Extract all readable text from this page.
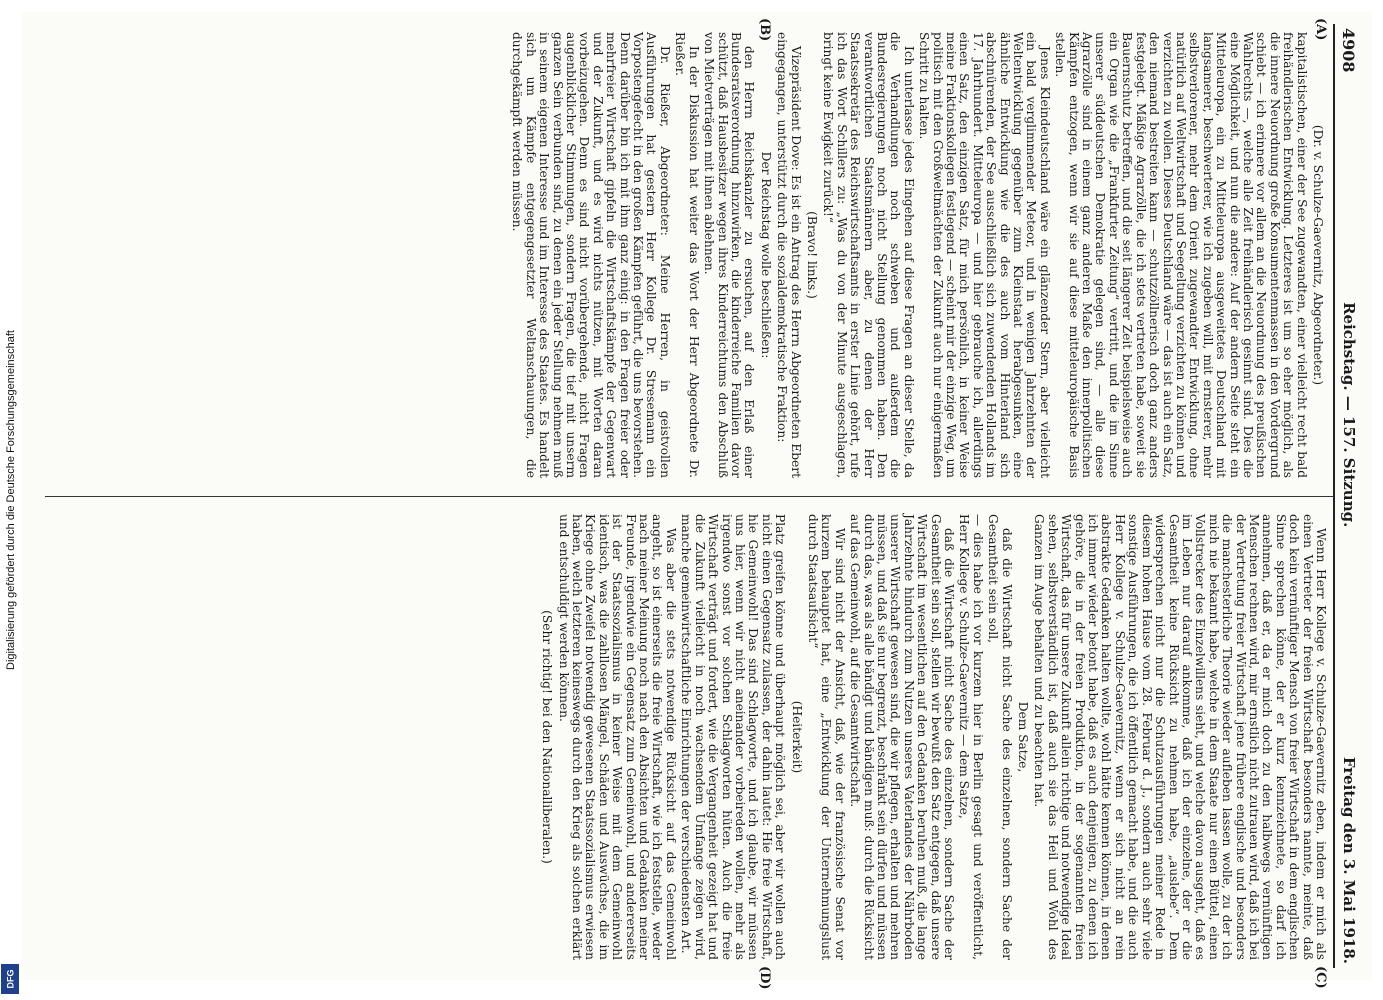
4908
Reichstag. — 157. Sitzung.
Freitag den 3. Mai 1918.
(A)
(B)

(Dr. v. Schulze-Gaevernitz, Abgeordneter.)

kapitalistischen, einer der See zugewandten, einer vielleicht recht bald freihändlerischen Entwicklung. Letzteres ist um so eher möglich, als die innere Neuordnung große Konsumentenmassen in den Vordergrund schiebt — ich erinnere vor allem an die Neuordnung des preußischen Wahlrechts —, welche alle Zeit freihändlerisch gesinnt sind. Dies die eine Möglichkeit, und nun die andere: Auf der andern Seite steht ein Mitteleuropa, ein zu Mitteleuropa ausgeweitetes Deutschland mit langsamerer, beschwerterer, wie ich zugeben will, mit ernsterer, mehr selbstverlorener, mehr dem Orient zugewandter Entwicklung, ohne natürlich auf Weltwirtschaft und Seegeltung verzichten zu können und verzichten zu wollen. Dieses Deutschland wäre — das ist auch ein Satz, den niemand bestreiten kann — schutzzöllnerisch doch ganz anders festgelegt. Mäßige Agrarzölle, die ich stets vertreten habe, soweit sie Bauernschutz betreffen, und die seit längerer Zeit beispielsweise auch ein Organ wie die „Frankfurter Zeitung“ vertritt, und die im Sinne unserer süddeutschen Demokratie gelegen sind, — alle diese Agrarzölle sind in einem ganz anderen Maße den innerpolitischen Kämpfen entzogen, wenn wir sie auf diese mitteleuropäische Basis stellen.

Jenes Kleindeutschland wäre ein glänzender Stern, aber vielleicht ein bald verglimmender Meteor, und in wenigen Jahrzehnten der Weltentwicklung gegenüber zum Kleinstaat herabgesunken, eine ähnliche Entwicklung wie die des auch vom Hinterland sich abschnürenden, der See ausschließlich sich zuwendenden Hollands im 17. Jahrhundert. Mitteleuropa — und hier gebrauche ich, allerdings einen Satz, den einzigen Satz, für mich persönlich, in keiner Weise meine Fraktionskollegen festlegend — scheint mir der einzige Weg, um politisch mit den Großweltmächten der Zukunft auch nur einigermaßen Schritt zu halten.

Ich unterlasse jedes Eingehen auf diese Fragen an dieser Stelle, da die Verhandlungen noch schweben und außerdem die Bundesregierungen noch nicht Stellung genommen haben. Den verantwortlichen Staatsmännern aber, zu denen der Herr Staatssekretär des Reichswirtschaftsamts in erster Linie gehört, rufe ich das Wort Schillers zu: „Was du von der Minute ausgeschlagen, bringt keine Ewigkeit zurück!“

(Bravo! links.)

Vizepräsident Dove: Es ist ein Antrag des Herrn Abgeordneten Ebert eingegangen, unterstützt durch die sozialdemokratische Fraktion:

Der Reichstag wolle beschließen:

den Herrn Reichskanzler zu ersuchen, auf den Erlaß einer Bundesratsverordnung hinzuwirken, die kinderreiche Familien davor schützt, daß Hausbesitzer wegen ihres Kinderreichtums den Abschluß von Mietverträgen mit ihnen ablehnen.

In der Diskussion hat weiter das Wort der Herr Abgeordnete Dr. Rießer.

Dr. Rießer, Abgeordneter: Meine Herren, in geistvollen Ausführungen hat gestern Herr Kollege Dr. Stresemann ein Vorpostengefecht in den großen Kämpfen geführt, die uns bevorstehen. Denn darüber bin ich mit ihm ganz einig: in den Fragen freier oder mehrfreier Wirtschaft gipfeln die Wirtschaftskämpfe der Gegenwart und der Zukunft, und es wird nichts nützen, mit Worten daran vorbeizugehen. Denn es sind nicht vorübergehende, nicht Fragen augenblicklicher Stimmungen, sondern Fragen, die tief mit unserm ganzen Sein verbunden sind, zu denen ein jeder Stellung nehmen muß in seinem eigenen Interesse und im Interesse des Staates. Es handelt sich um Kämpfe entgegengesetzter Weltanschauungen, die durchgekämpft werden müssen.

(C)
(D)

Wenn Herr Kollege v. Schulze-Gaevernitz eben, indem er mich als einen Vertreter der freien Wirtschaft besonders nannte, meinte, daß doch kein vernünftiger Mensch von freier Wirtschaft in dem englischen Sinne sprechen könne, der er kurz kennzeichnete, so darf ich annehmen, daß er, da er mich doch zu den halbwegs vernünftigen Menschen rechnen wird, mir ernstlich nicht zutrauen wird, daß ich bei der Vertretung freier Wirtschaft jene frühere englische und besonders die manchesterliche Theorie wieder aufleben lassen wolle, zu der ich mich nie bekannt habe, welche in dem Staate nur einen Büttel, einen Vollstrecker des Einzelwillens sieht, und welche davon ausgeht, daß es im Leben nur darauf ankomme, daß ich der einzelne, der er die Gesamtheit keine Rücksicht zu nehmen habe, „auslebe“. Dem widersprechen nicht nur die Schutzausführungen meiner Rede in diesem hohen Hause vom 28. Februar d. J., sondern auch sehr viele sonstige Ausführungen, die ich öffentlich gemacht habe, und die auch Herr Kollege v. Schulze-Gaevernitz, wenn er sich nicht an rein abstrakte Gedanken halten wollte, wohl hätte kennen können, in denen ich immer wieder betont habe, daß es auch denjenigen, zu denen ich gehöre, die in der freien Produktion, in der sogenannten freien Wirtschaft, das für unsere Zukunft allein richtige und notwendige Ideal sehen, selbstverständlich ist, daß auch sie das Heil und Wohl des Ganzen im Auge behalten und zu beachten hat.

Dem Satze,

daß die Wirtschaft nicht Sache des einzelnen, sondern Sache der Gesamtheit sein soll,

— dies habe ich vor kurzem hier in Berlin gesagt und veröffentlicht, Herr Kollege v. Schulze-Gaevernitz — dem Satze,

daß die Wirtschaft nicht Sache des einzelnen, sondern Sache der Gesamtheit sein soll, stellen wir bewußt den Satz entgegen, daß unsere Wirtschaft im wesentlichen auf den Gedanken beruhen muß, die lange Jahrzehnte hindurch zum Nutzen unseres Vaterlandes der Nährboden unserer Wirtschaft gewesen sind, die wir pflegen, erhalten und mehren müssen, und daß sie nur begrenzt, beschränkt sein dürfen und müssen durch das, was als alle bändigt und bändigen muß: durch die Rücksicht auf das Gemeinwohl, auf die Gesamtwirtschaft.

Wir sind nicht der Ansicht, daß, wie der französische Senat vor kurzem behauptet hat, eine „Entwicklung der Unternehmungslust durch Staatsaufsicht“

(Heiterkeit)

Platz greifen könne und überhaupt möglich sei, aber wir wollen auch nicht einen Gegensatz zulassen, der dahin lautet: Hie freie Wirtschaft, hie Gemeinwohl! Das sind Schlagworte, und ich glaube, wir müssen uns hier, wenn wir nicht aneinander vorbeireden wollen, mehr als irgendwo sonst vor solchen Schlagworten hüten. Auch die freie Wirtschaft verträgt und fordert, wie die Vergangenheit gezeigt hat und die Zukunft vielleicht in noch wachsendem Umfange zeigen wird, manche gemeinwirtschaftliche Einrichtungen der verschiedensten Art.

Was aber die stets notwendige Rücksicht auf das Gemeinwohl angeht, so ist einerseits die freie Wirtschaft, wie ich feststelle, weder nach meiner Meinung noch nach den Absichten und Gedanken meiner Freunde, irgendwie ein Gegensatz zum Gemeinwohl, und andererseits ist der Staatssozialismus in keiner Weise mit dem Gemeinwohl identisch, was die zahllosen Mängel, Schäden und Auswüchse, die im Kriege ohne Zweifel notwendig gewesenen Staatssozialismus erwiesen haben, welch letzteren keineswegs durch den Krieg als solchen erklärt und entschuldigt werden können.

(Sehr richtig! bei den Nationalliberalen.)

Digitalisierung gefördert durch die Deutsche Forschungsgemeinschaft
DFG
